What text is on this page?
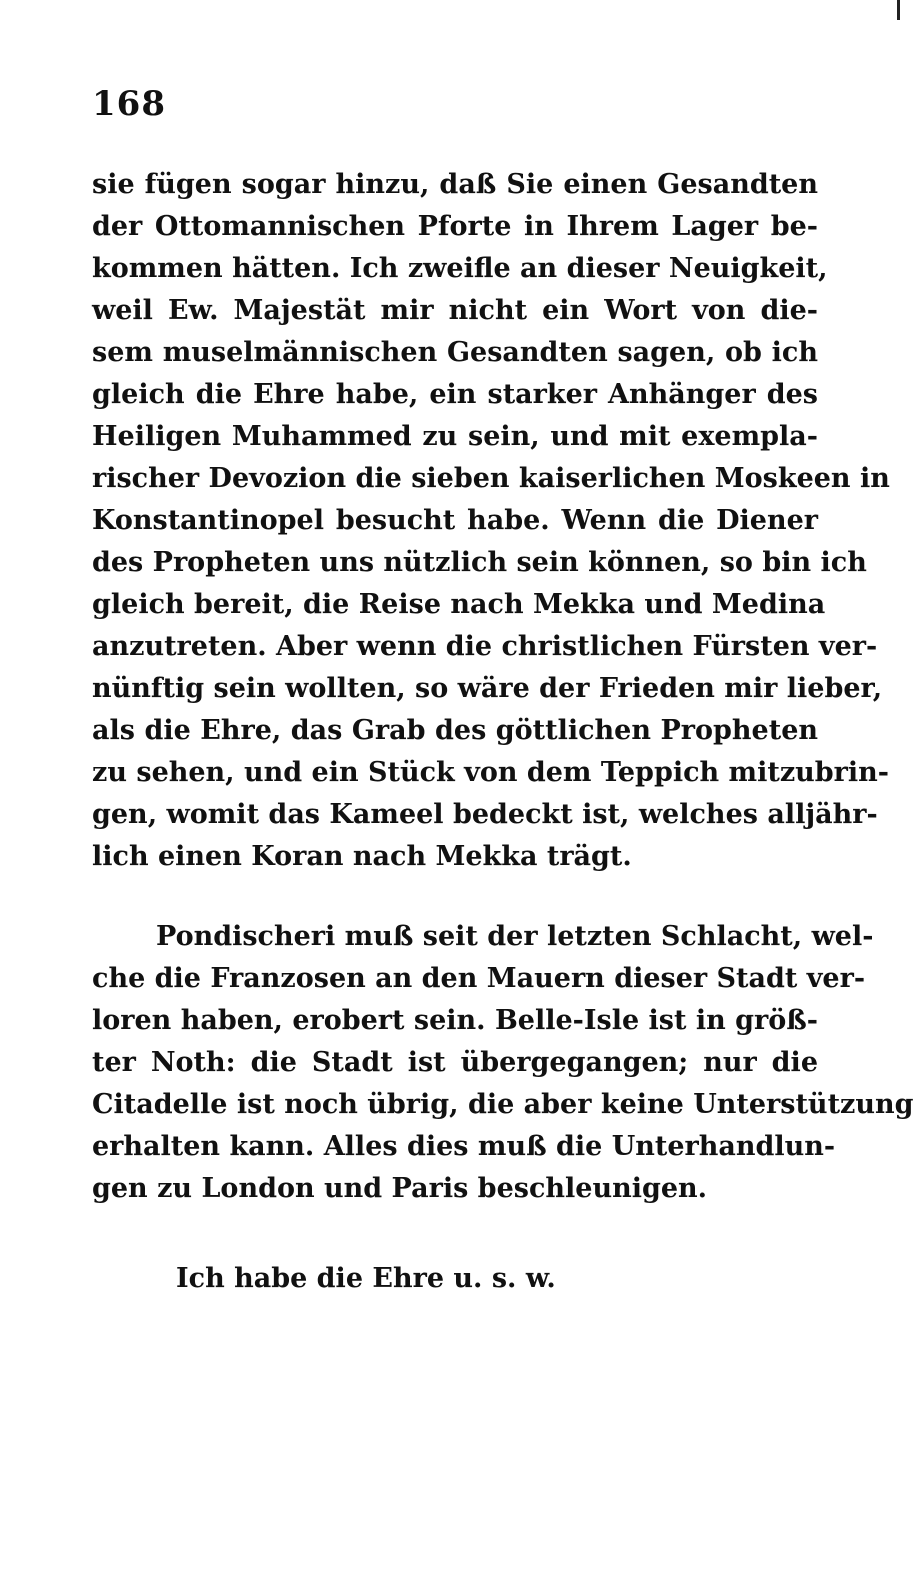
168
sie fügen sogar hinzu, daß Sie einen Gesandten
der Ottomannischen Pforte in Ihrem Lager be-
kommen hätten. Ich zweifle an dieser Neuigkeit,
weil Ew. Majestät mir nicht ein Wort von die-
sem muselmännischen Gesandten sagen, ob ich
gleich die Ehre habe, ein starker Anhänger des
Heiligen Muhammed zu sein, und mit exempla-
rischer Devozion die sieben kaiserlichen Moskeen in
Konstantinopel besucht habe. Wenn die Diener
des Propheten uns nützlich sein können, so bin ich
gleich bereit, die Reise nach Mekka und Medina
anzutreten. Aber wenn die christlichen Fürsten ver-
nünftig sein wollten, so wäre der Frieden mir lieber,
als die Ehre, das Grab des göttlichen Propheten
zu sehen, und ein Stück von dem Teppich mitzubrin-
gen, womit das Kameel bedeckt ist, welches alljähr-
lich einen Koran nach Mekka trägt.
Pondischeri muß seit der letzten Schlacht, wel-
che die Franzosen an den Mauern dieser Stadt ver-
loren haben, erobert sein. Belle-Isle ist in größ-
ter Noth: die Stadt ist übergegangen; nur die
Citadelle ist noch übrig, die aber keine Unterstützung
erhalten kann. Alles dies muß die Unterhandlun-
gen zu London und Paris beschleunigen.
Ich habe die Ehre u. s. w.
